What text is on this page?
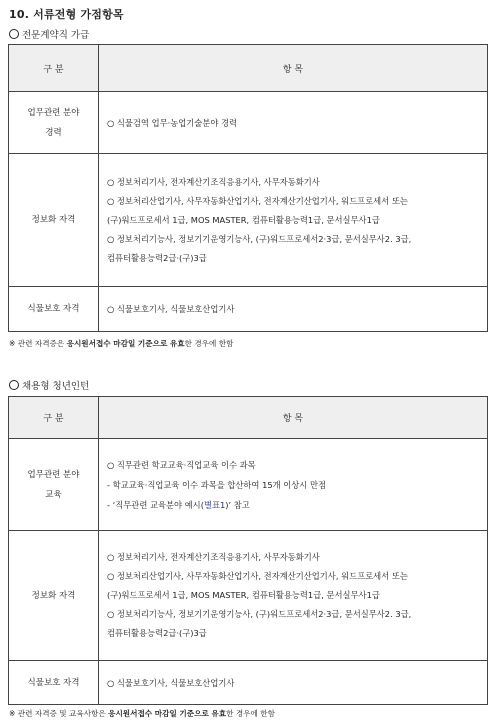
10. 서류전형 가점항목
전문계약직 가급
구 분	항 목

업무관련 분야
경력	○ 식물검역 업무·농업기술분야 경력

정보화 자격	○ 정보처리기사, 전자계산기조직응용기사, 사무자동화기사
○ 정보처리산업기사, 사무자동화산업기사, 전자계산기산업기사, 워드프로세서 또는
(구)워드프로세서 1급, MOS MASTER, 컴퓨터활용능력1급, 문서실무사1급
○ 정보처리기능사, 정보기기운영기능사, (구)워드프로세서2·3급, 문서실무사2. 3급,
컴퓨터활용능력2급·(구)3급

식물보호 자격	○ 식물보호기사, 식물보호산업기사
※ 관련 자격증은 응시원서접수 마감일 기준으로 유효한 경우에 한함
채용형 청년인턴
구 분	항 목

업무관련 분야
교육	○ 직무관련 학교교육·직업교육 이수 과목
- 학교교육·직업교육 이수 과목을 합산하여 15개 이상시 만점
- ‘직무관련 교육분야 예시(별표1)’ 참고

정보화 자격	○ 정보처리기사, 전자계산기조직응용기사, 사무자동화기사
○ 정보처리산업기사, 사무자동화산업기사, 전자계산기산업기사, 워드프로세서 또는
(구)워드프로세서 1급, MOS MASTER, 컴퓨터활용능력1급, 문서실무사1급
○ 정보처리기능사, 정보기기운영기능사, (구)워드프로세서2·3급, 문서실무사2. 3급,
컴퓨터활용능력2급·(구)3급

식물보호 자격	○ 식물보호기사, 식물보호산업기사
※ 관련 자격증 및 교육사항은 응시원서접수 마감일 기준으로 유효한 경우에 한함
